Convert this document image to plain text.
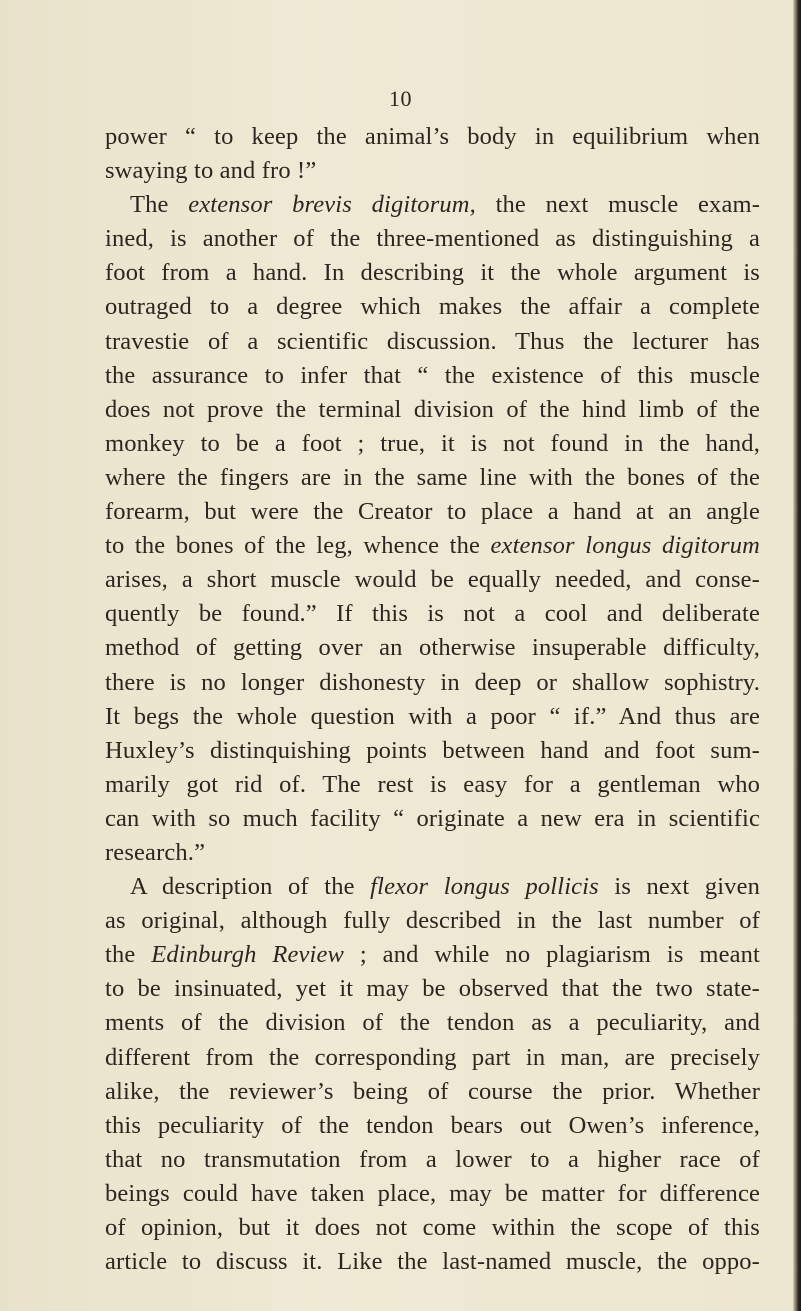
10
power “ to keep the animal’s body in equilibrium when
swaying to and fro !”
The extensor brevis digitorum, the next muscle exam-
ined, is another of the three-mentioned as distinguishing a
foot from a hand. In describing it the whole argument is
outraged to a degree which makes the affair a complete
travestie of a scientific discussion. Thus the lecturer has
the assurance to infer that “ the existence of this muscle
does not prove the terminal division of the hind limb of the
monkey to be a foot ; true, it is not found in the hand,
where the fingers are in the same line with the bones of the
forearm, but were the Creator to place a hand at an angle
to the bones of the leg, whence the extensor longus digitorum
arises, a short muscle would be equally needed, and conse-
quently be found.” If this is not a cool and deliberate
method of getting over an otherwise insuperable difficulty,
there is no longer dishonesty in deep or shallow sophistry.
It begs the whole question with a poor “ if.” And thus are
Huxley’s distinquishing points between hand and foot sum-
marily got rid of. The rest is easy for a gentleman who
can with so much facility “ originate a new era in scientific
research.”
A description of the flexor longus pollicis is next given
as original, although fully described in the last number of
the Edinburgh Review ; and while no plagiarism is meant
to be insinuated, yet it may be observed that the two state-
ments of the division of the tendon as a peculiarity, and
different from the corresponding part in man, are precisely
alike, the reviewer’s being of course the prior. Whether
this peculiarity of the tendon bears out Owen’s inference,
that no transmutation from a lower to a higher race of
beings could have taken place, may be matter for difference
of opinion, but it does not come within the scope of this
article to discuss it. Like the last-named muscle, the oppo-
